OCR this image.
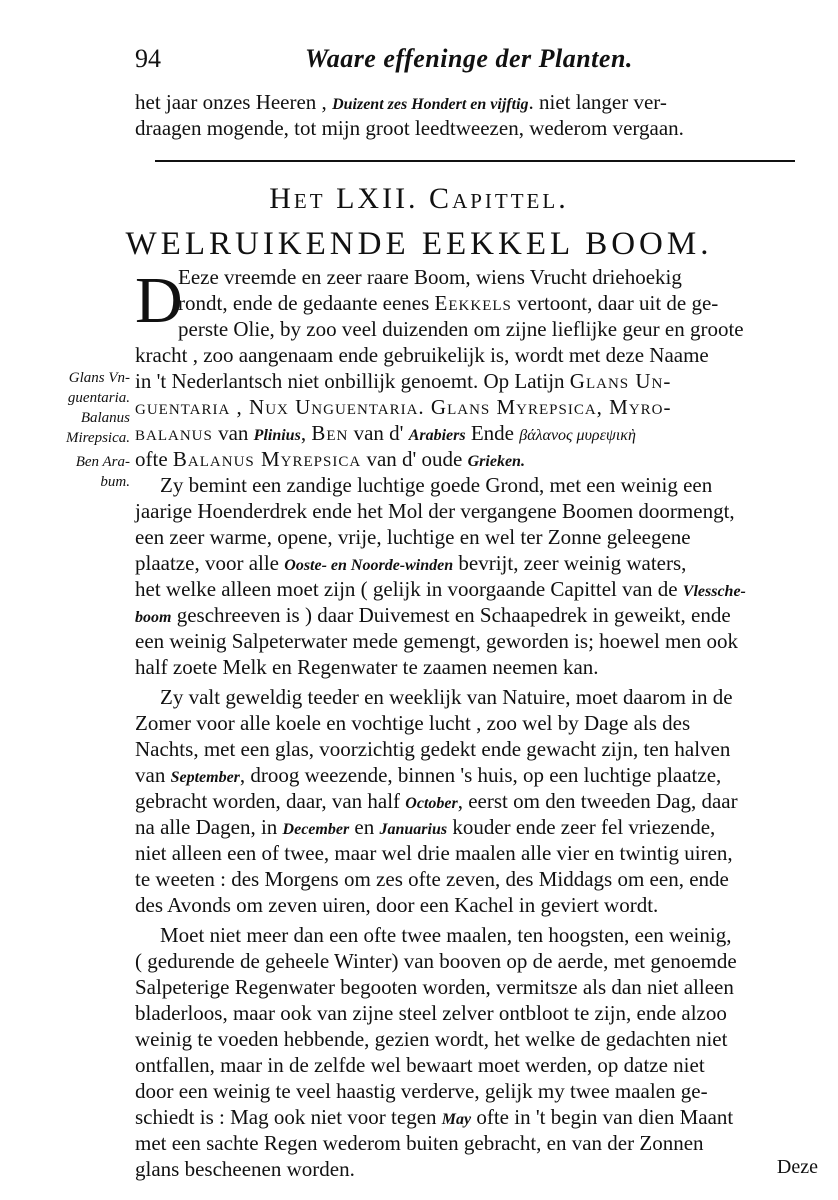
94	Waare effeninge der Planten.
het jaar onzes Heeren , Duizent zes Hondert en vijftig. niet langer ver-
draagen mogende, tot mijn groot leedtweezen, wederom vergaan.
Het LXII. Capittel.
WELRUIKENDE EEKKEL BOOM.
Glans Vn-
guentaria.
Balanus
Mirepsica.
Ben Ara-
bum.
D
Eeze vreemde en zeer raare Boom, wiens Vrucht driehoekig
rondt, ende de gedaante eenes Eekkels vertoont, daar uit de ge-
perste Olie, by zoo veel duizenden om zijne lieflijke geur en groote
kracht , zoo aangenaam ende gebruikelijk is, wordt met deze Naame
in 't Nederlantsch niet onbillijk genoemt. Op Latijn Glans Un-
guentaria , Nux Unguentaria. Glans Myrepsica, Myro-
balanus van Plinius, Ben van d' Arabiers Ende βάλανος μυρεψικὴ
ofte Balanus Myrepsica van d' oude Grieken.
Zy bemint een zandige luchtige goede Grond, met een weinig een
jaarige Hoenderdrek ende het Mol der vergangene Boomen doormengt,
een zeer warme, opene, vrije, luchtige en wel ter Zonne geleegene
plaatze, voor alle Ooste- en Noorde-winden bevrijt, zeer weinig waters,
het welke alleen moet zijn ( gelijk in voorgaande Capittel van de Vlessche-
boom geschreeven is ) daar Duivemest en Schaapedrek in geweikt, ende
een weinig Salpeterwater mede gemengt, geworden is; hoewel men ook
half zoete Melk en Regenwater te zaamen neemen kan.
Zy valt geweldig teeder en weeklijk van Natuire, moet daarom in de
Zomer voor alle koele en vochtige lucht , zoo wel by Dage als des
Nachts, met een glas, voorzichtig gedekt ende gewacht zijn, ten halven
van September, droog weezende, binnen 's huis, op een luchtige plaatze,
gebracht worden, daar, van half October, eerst om den tweeden Dag, daar
na alle Dagen, in December en Januarius kouder ende zeer fel vriezende,
niet alleen een of twee, maar wel drie maalen alle vier en twintig uiren,
te weeten : des Morgens om zes ofte zeven, des Middags om een, ende
des Avonds om zeven uiren, door een Kachel in geviert wordt.
Moet niet meer dan een ofte twee maalen, ten hoogsten, een weinig,
( gedurende de geheele Winter) van booven op de aerde, met genoemde
Salpeterige Regenwater begooten worden, vermitsze als dan niet alleen
bladerloos, maar ook van zijne steel zelver ontbloot te zijn, ende alzoo
weinig te voeden hebbende, gezien wordt, het welke de gedachten niet
ontfallen, maar in de zelfde wel bewaart moet werden, op datze niet
door een weinig te veel haastig verderve, gelijk my twee maalen ge-
schiedt is : Mag ook niet voor tegen May ofte in 't begin van dien Maant
met een sachte Regen wederom buiten gebracht, en van der Zonnen
glans bescheenen worden.	Deze
